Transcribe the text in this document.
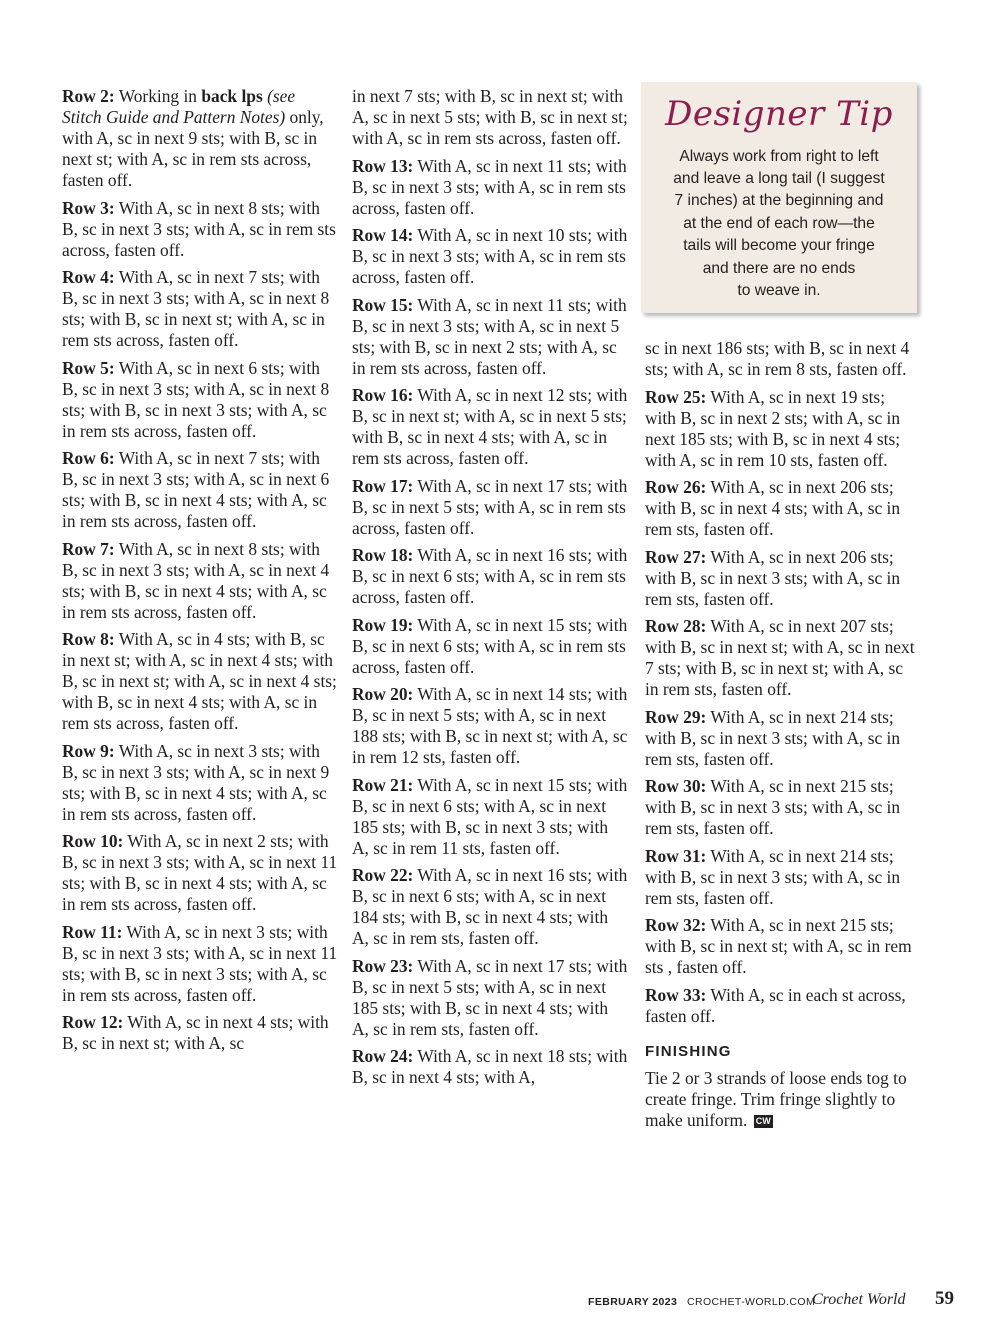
Designer Tip
Always work from right to left
and leave a long tail (I suggest
7 inches) at the beginning and
at the end of each row—the
tails will become your fringe
and there are no ends
to weave in.

Row 2: Working in back lps (see Stitch Guide and Pattern Notes) only, with A, sc in next 9 sts; with B, sc in next st; with A, sc in rem sts across, fasten off.

Row 3: With A, sc in next 8 sts; with B, sc in next 3 sts; with A, sc in rem sts across, fasten off.

Row 4: With A, sc in next 7 sts; with B, sc in next 3 sts; with A, sc in next 8 sts; with B, sc in next st; with A, sc in rem sts across, fasten off.

Row 5: With A, sc in next 6 sts; with B, sc in next 3 sts; with A, sc in next 8 sts; with B, sc in next 3 sts; with A, sc in rem sts across, fasten off.

Row 6: With A, sc in next 7 sts; with B, sc in next 3 sts; with A, sc in next 6 sts; with B, sc in next 4 sts; with A, sc in rem sts across, fasten off.

Row 7: With A, sc in next 8 sts; with B, sc in next 3 sts; with A, sc in next 4 sts; with B, sc in next 4 sts; with A, sc in rem sts across, fasten off.

Row 8: With A, sc in 4 sts; with B, sc in next st; with A, sc in next 4 sts; with B, sc in next st; with A, sc in next 4 sts; with B, sc in next 4 sts; with A, sc in rem sts across, fasten off.

Row 9: With A, sc in next 3 sts; with B, sc in next 3 sts; with A, sc in next 9 sts; with B, sc in next 4 sts; with A, sc in rem sts across, fasten off.

Row 10: With A, sc in next 2 sts; with B, sc in next 3 sts; with A, sc in next 11 sts; with B, sc in next 4 sts; with A, sc in rem sts across, fasten off.

Row 11: With A, sc in next 3 sts; with B, sc in next 3 sts; with A, sc in next 11 sts; with B, sc in next 3 sts; with A, sc in rem sts across, fasten off.

Row 12: With A, sc in next 4 sts; with B, sc in next st; with A, sc

in next 7 sts; with B, sc in next st; with A, sc in next 5 sts; with B, sc in next st; with A, sc in rem sts across, fasten off.

Row 13: With A, sc in next 11 sts; with B, sc in next 3 sts; with A, sc in rem sts across, fasten off.

Row 14: With A, sc in next 10 sts; with B, sc in next 3 sts; with A, sc in rem sts across, fasten off.

Row 15: With A, sc in next 11 sts; with B, sc in next 3 sts; with A, sc in next 5 sts; with B, sc in next 2 sts; with A, sc in rem sts across, fasten off.

Row 16: With A, sc in next 12 sts; with B, sc in next st; with A, sc in next 5 sts; with B, sc in next 4 sts; with A, sc in rem sts across, fasten off.

Row 17: With A, sc in next 17 sts; with B, sc in next 5 sts; with A, sc in rem sts across, fasten off.

Row 18: With A, sc in next 16 sts; with B, sc in next 6 sts; with A, sc in rem sts across, fasten off.

Row 19: With A, sc in next 15 sts; with B, sc in next 6 sts; with A, sc in rem sts across, fasten off.

Row 20: With A, sc in next 14 sts; with B, sc in next 5 sts; with A, sc in next 188 sts; with B, sc in next st; with A, sc in rem 12 sts, fasten off.

Row 21: With A, sc in next 15 sts; with B, sc in next 6 sts; with A, sc in next 185 sts; with B, sc in next 3 sts; with A, sc in rem 11 sts, fasten off.

Row 22: With A, sc in next 16 sts; with B, sc in next 6 sts; with A, sc in next 184 sts; with B, sc in next 4 sts; with A, sc in rem sts, fasten off.

Row 23: With A, sc in next 17 sts; with B, sc in next 5 sts; with A, sc in next 185 sts; with B, sc in next 4 sts; with A, sc in rem sts, fasten off.

Row 24: With A, sc in next 18 sts; with B, sc in next 4 sts; with A,

sc in next 186 sts; with B, sc in next 4 sts; with A, sc in rem 8 sts, fasten off.

Row 25: With A, sc in next 19 sts; with B, sc in next 2 sts; with A, sc in next 185 sts; with B, sc in next 4 sts; with A, sc in rem 10 sts, fasten off.

Row 26: With A, sc in next 206 sts; with B, sc in next 4 sts; with A, sc in rem sts, fasten off.

Row 27: With A, sc in next 206 sts; with B, sc in next 3 sts; with A, sc in rem sts, fasten off.

Row 28: With A, sc in next 207 sts; with B, sc in next st; with A, sc in next 7 sts; with B, sc in next st; with A, sc in rem sts, fasten off.

Row 29: With A, sc in next 214 sts; with B, sc in next 3 sts; with A, sc in rem sts, fasten off.

Row 30: With A, sc in next 215 sts; with B, sc in next 3 sts; with A, sc in rem sts, fasten off.

Row 31: With A, sc in next 214 sts; with B, sc in next 3 sts; with A, sc in rem sts, fasten off.

Row 32: With A, sc in next 215 sts; with B, sc in next st; with A, sc in rem sts , fasten off.

Row 33: With A, sc in each st across, fasten off.

FINISHING

Tie 2 or 3 strands of loose ends tog to create fringe. Trim fringe slightly to make uniform. CW

FEBRUARY 2023 CROCHET-WORLD.COM
Crochet World 59
